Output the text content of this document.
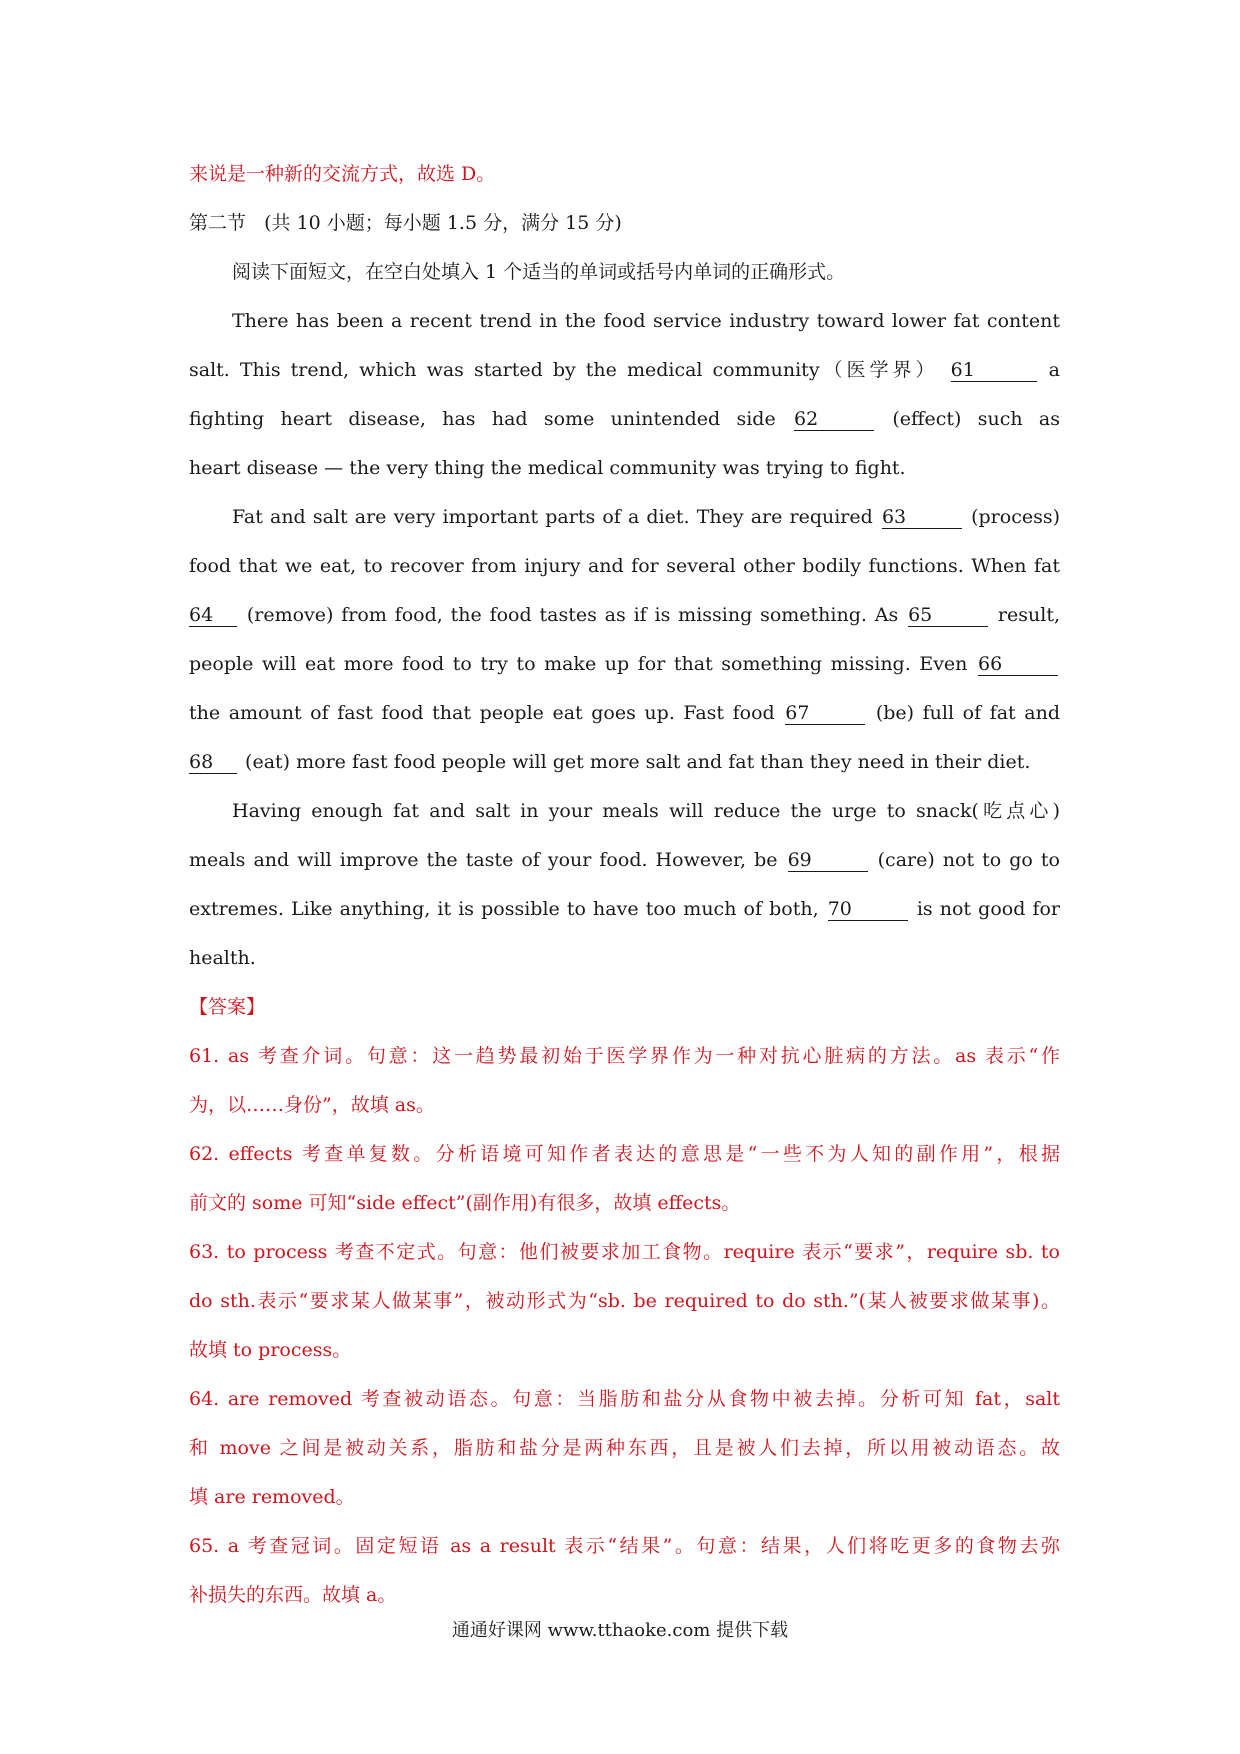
来说是一种新的交流方式，故选 D。
第二节 (共 10 小题；每小题 1.5 分，满分 15 分)
阅读下面短文，在空白处填入 1 个适当的单词或括号内单词的正确形式。
There has been a recent trend in the food service industry toward lower fat content
salt. This trend, which was started by the medical community（医学界） 61	a
fighting heart disease, has had some unintended side 62	(effect) such as
heart disease — the very thing the medical community was trying to fight.
Fat and salt are very important parts of a diet. They are required 63	(process)
food that we eat, to recover from injury and for several other bodily functions. When fat
64 (remove) from food, the food tastes as if is missing something. As 65	result,
people will eat more food to try to make up for that something missing. Even 66
the amount of fast food that people eat goes up. Fast food 67	(be) full of fat and
68 (eat) more fast food people will get more salt and fat than they need in their diet.
Having enough fat and salt in your meals will reduce the urge to snack(吃点心)
meals and will improve the taste of your food. However, be 69	(care) not to go to
extremes. Like anything, it is possible to have too much of both, 70	is not good for
health.
【答案】
61. as 考查介词。句意：这一趋势最初始于医学界作为一种对抗心脏病的方法。as 表示“作
为，以……身份”，故填 as。
62. effects 考查单复数。分析语境可知作者表达的意思是“一些不为人知的副作用”，根据
前文的 some 可知“side effect”(副作用)有很多，故填 effects。
63. to process 考查不定式。句意：他们被要求加工食物。require 表示“要求”，require sb. to
do sth.表示“要求某人做某事”，被动形式为“sb. be required to do sth.”(某人被要求做某事)。
故填 to process。
64. are removed 考查被动语态。句意：当脂肪和盐分从食物中被去掉。分析可知 fat，salt
和 move 之间是被动关系，脂肪和盐分是两种东西，且是被人们去掉，所以用被动语态。故
填 are removed。
65. a 考查冠词。固定短语 as a result 表示“结果”。句意：结果，人们将吃更多的食物去弥
补损失的东西。故填 a。
通通好课网 www.tthaoke.com 提供下载
